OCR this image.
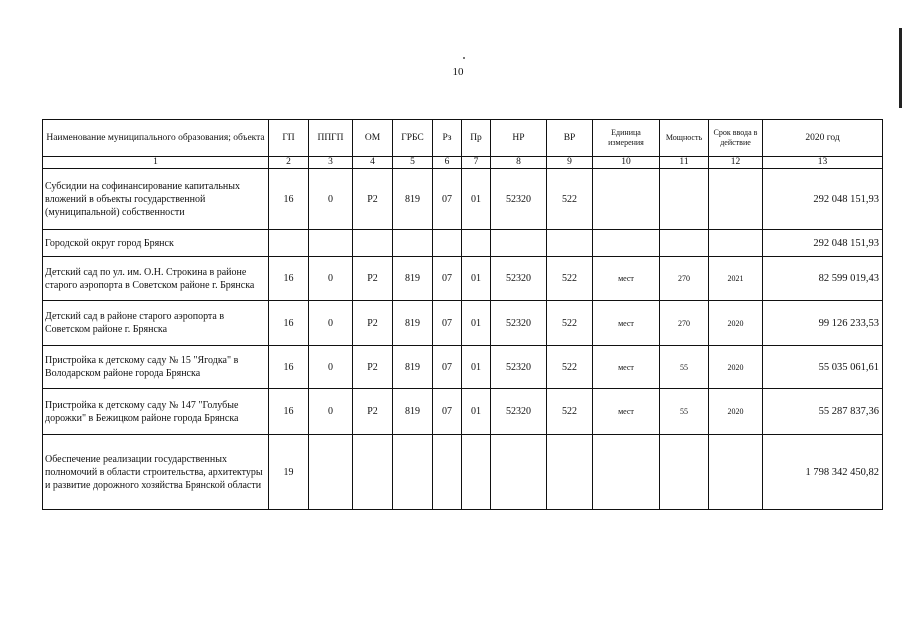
10
Наименование муниципального образования; объекта	ГП	ППГП	ОМ	ГРБС	Рз	Пр	НР	ВР	Единица измерения	Мощность	Срок ввода в действие	2020 год
1	2	3	4	5	6	7	8	9	10	11	12	13
Субсидии на софинансирование капитальных вложений в объекты государственной (муниципальной) собственности	16	0	P2	819	07	01	52320	522				292 048 151,93
Городской округ город Брянск												292 048 151,93
Детский сад по ул. им. О.Н. Строкина в районе старого аэропорта в Советском районе г. Брянска	16	0	P2	819	07	01	52320	522	мест	270	2021	82 599 019,43
Детский сад в районе старого аэропорта в Советском районе г. Брянска	16	0	P2	819	07	01	52320	522	мест	270	2020	99 126 233,53
Пристройка к детскому саду № 15 "Ягодка" в Володарском районе города Брянска	16	0	P2	819	07	01	52320	522	мест	55	2020	55 035 061,61
Пристройка к детскому саду № 147 "Голубые дорожки" в Бежицком районе города Брянска	16	0	P2	819	07	01	52320	522	мест	55	2020	55 287 837,36
Обеспечение реализации государственных полномочий в области строительства, архитектуры и развитие дорожного хозяйства Брянской области	19											1 798 342 450,82
